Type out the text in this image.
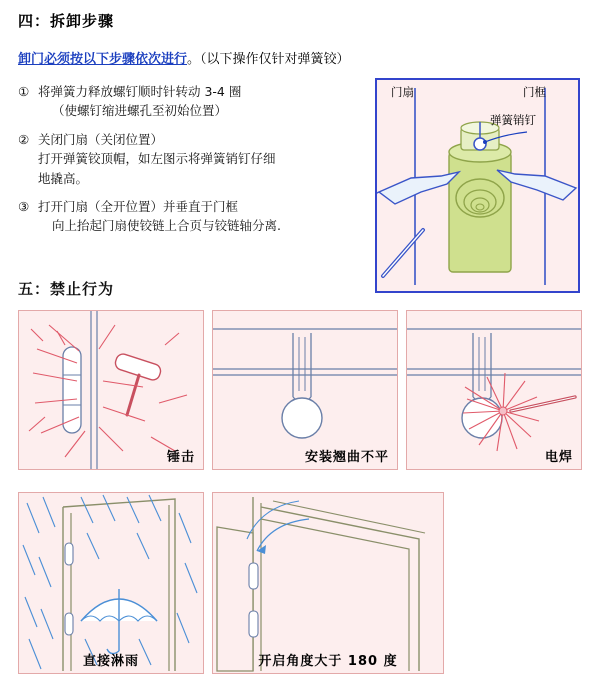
四：拆卸步骤
卸门必须按以下步骤依次进行。（以下操作仅针对弹簧铰）
① 将弹簧力释放螺钉顺时针转动 3-4 圈
（使螺钉缩进螺孔至初始位置）
② 关闭门扇（关闭位置）
打开弹簧铰顶帽，如左图示将弹簧销钉仔细
地撬高。
③ 打开门扇（全开位置）并垂直于门框
向上抬起门扇使铰链上合页与铰链轴分离.
门扇	门框
弹簧销钉
五：禁止行为
锤击	安装翘曲不平	电焊
直接淋雨	开启角度大于 180 度
